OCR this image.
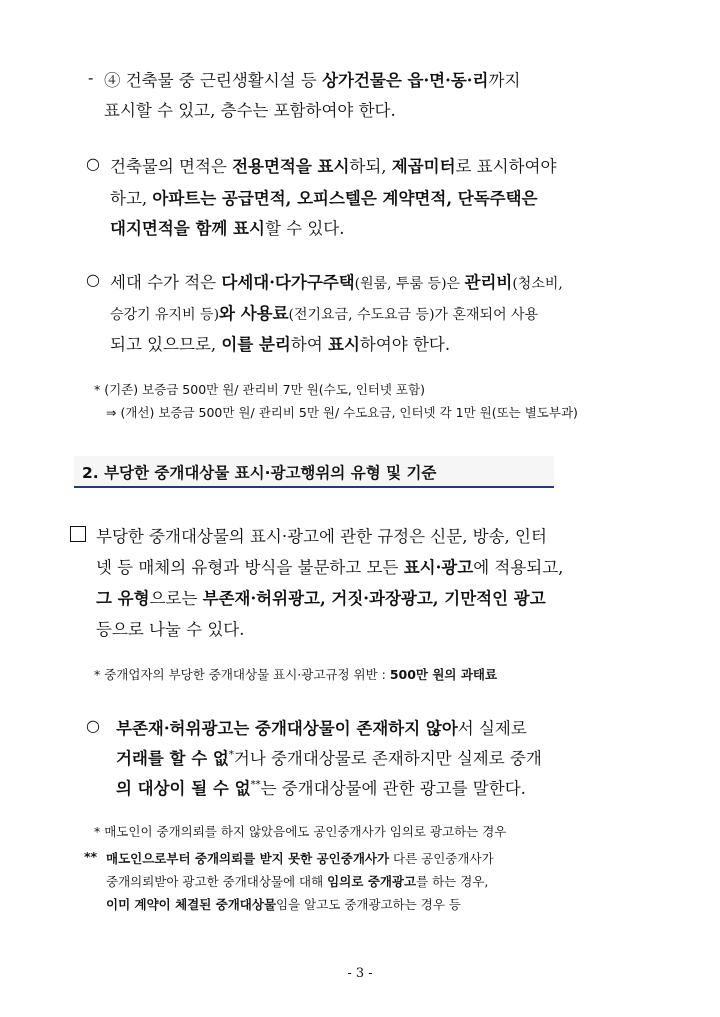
- ④ 건축물 중 근린생활시설 등 상가건물은 읍·면·동·리까지
표시할 수 있고, 층수는 포함하여야 한다.
○ 건축물의 면적은 전용면적을 표시하되, 제곱미터로 표시하여야
하고, 아파트는 공급면적, 오피스텔은 계약면적, 단독주택은
대지면적을 함께 표시할 수 있다.
○ 세대 수가 적은 다세대·다가구주택(원룸, 투룸 등)은 관리비(청소비,
승강기 유지비 등)와 사용료(전기요금, 수도요금 등)가 혼재되어 사용
되고 있으므로, 이를 분리하여 표시하여야 한다.
* (기존) 보증금 500만 원/ 관리비 7만 원(수도, 인터넷 포함)
⇒ (개선) 보증금 500만 원/ 관리비 5만 원/ 수도요금, 인터넷 각 1만 원(또는 별도부과)
2. 부당한 중개대상물 표시·광고행위의 유형 및 기준
부당한 중개대상물의 표시·광고에 관한 규정은 신문, 방송, 인터
넷 등 매체의 유형과 방식을 불문하고 모든 표시·광고에 적용되고,
그 유형으로는 부존재·허위광고, 거짓·과장광고, 기만적인 광고
등으로 나눌 수 있다.
* 중개업자의 부당한 중개대상물 표시·광고규정 위반 : 500만 원의 과태료
○ 부존재·허위광고는 중개대상물이 존재하지 않아서 실제로
거래를 할 수 없*거나 중개대상물로 존재하지만 실제로 중개
의 대상이 될 수 없**는 중개대상물에 관한 광고를 말한다.
* 매도인이 중개의뢰를 하지 않았음에도 공인중개사가 임의로 광고하는 경우
** 매도인으로부터 중개의뢰를 받지 못한 공인중개사가 다른 공인중개사가
중개의뢰받아 광고한 중개대상물에 대해 임의로 중개광고를 하는 경우,
이미 계약이 체결된 중개대상물임을 알고도 중개광고하는 경우 등
- 3 -
